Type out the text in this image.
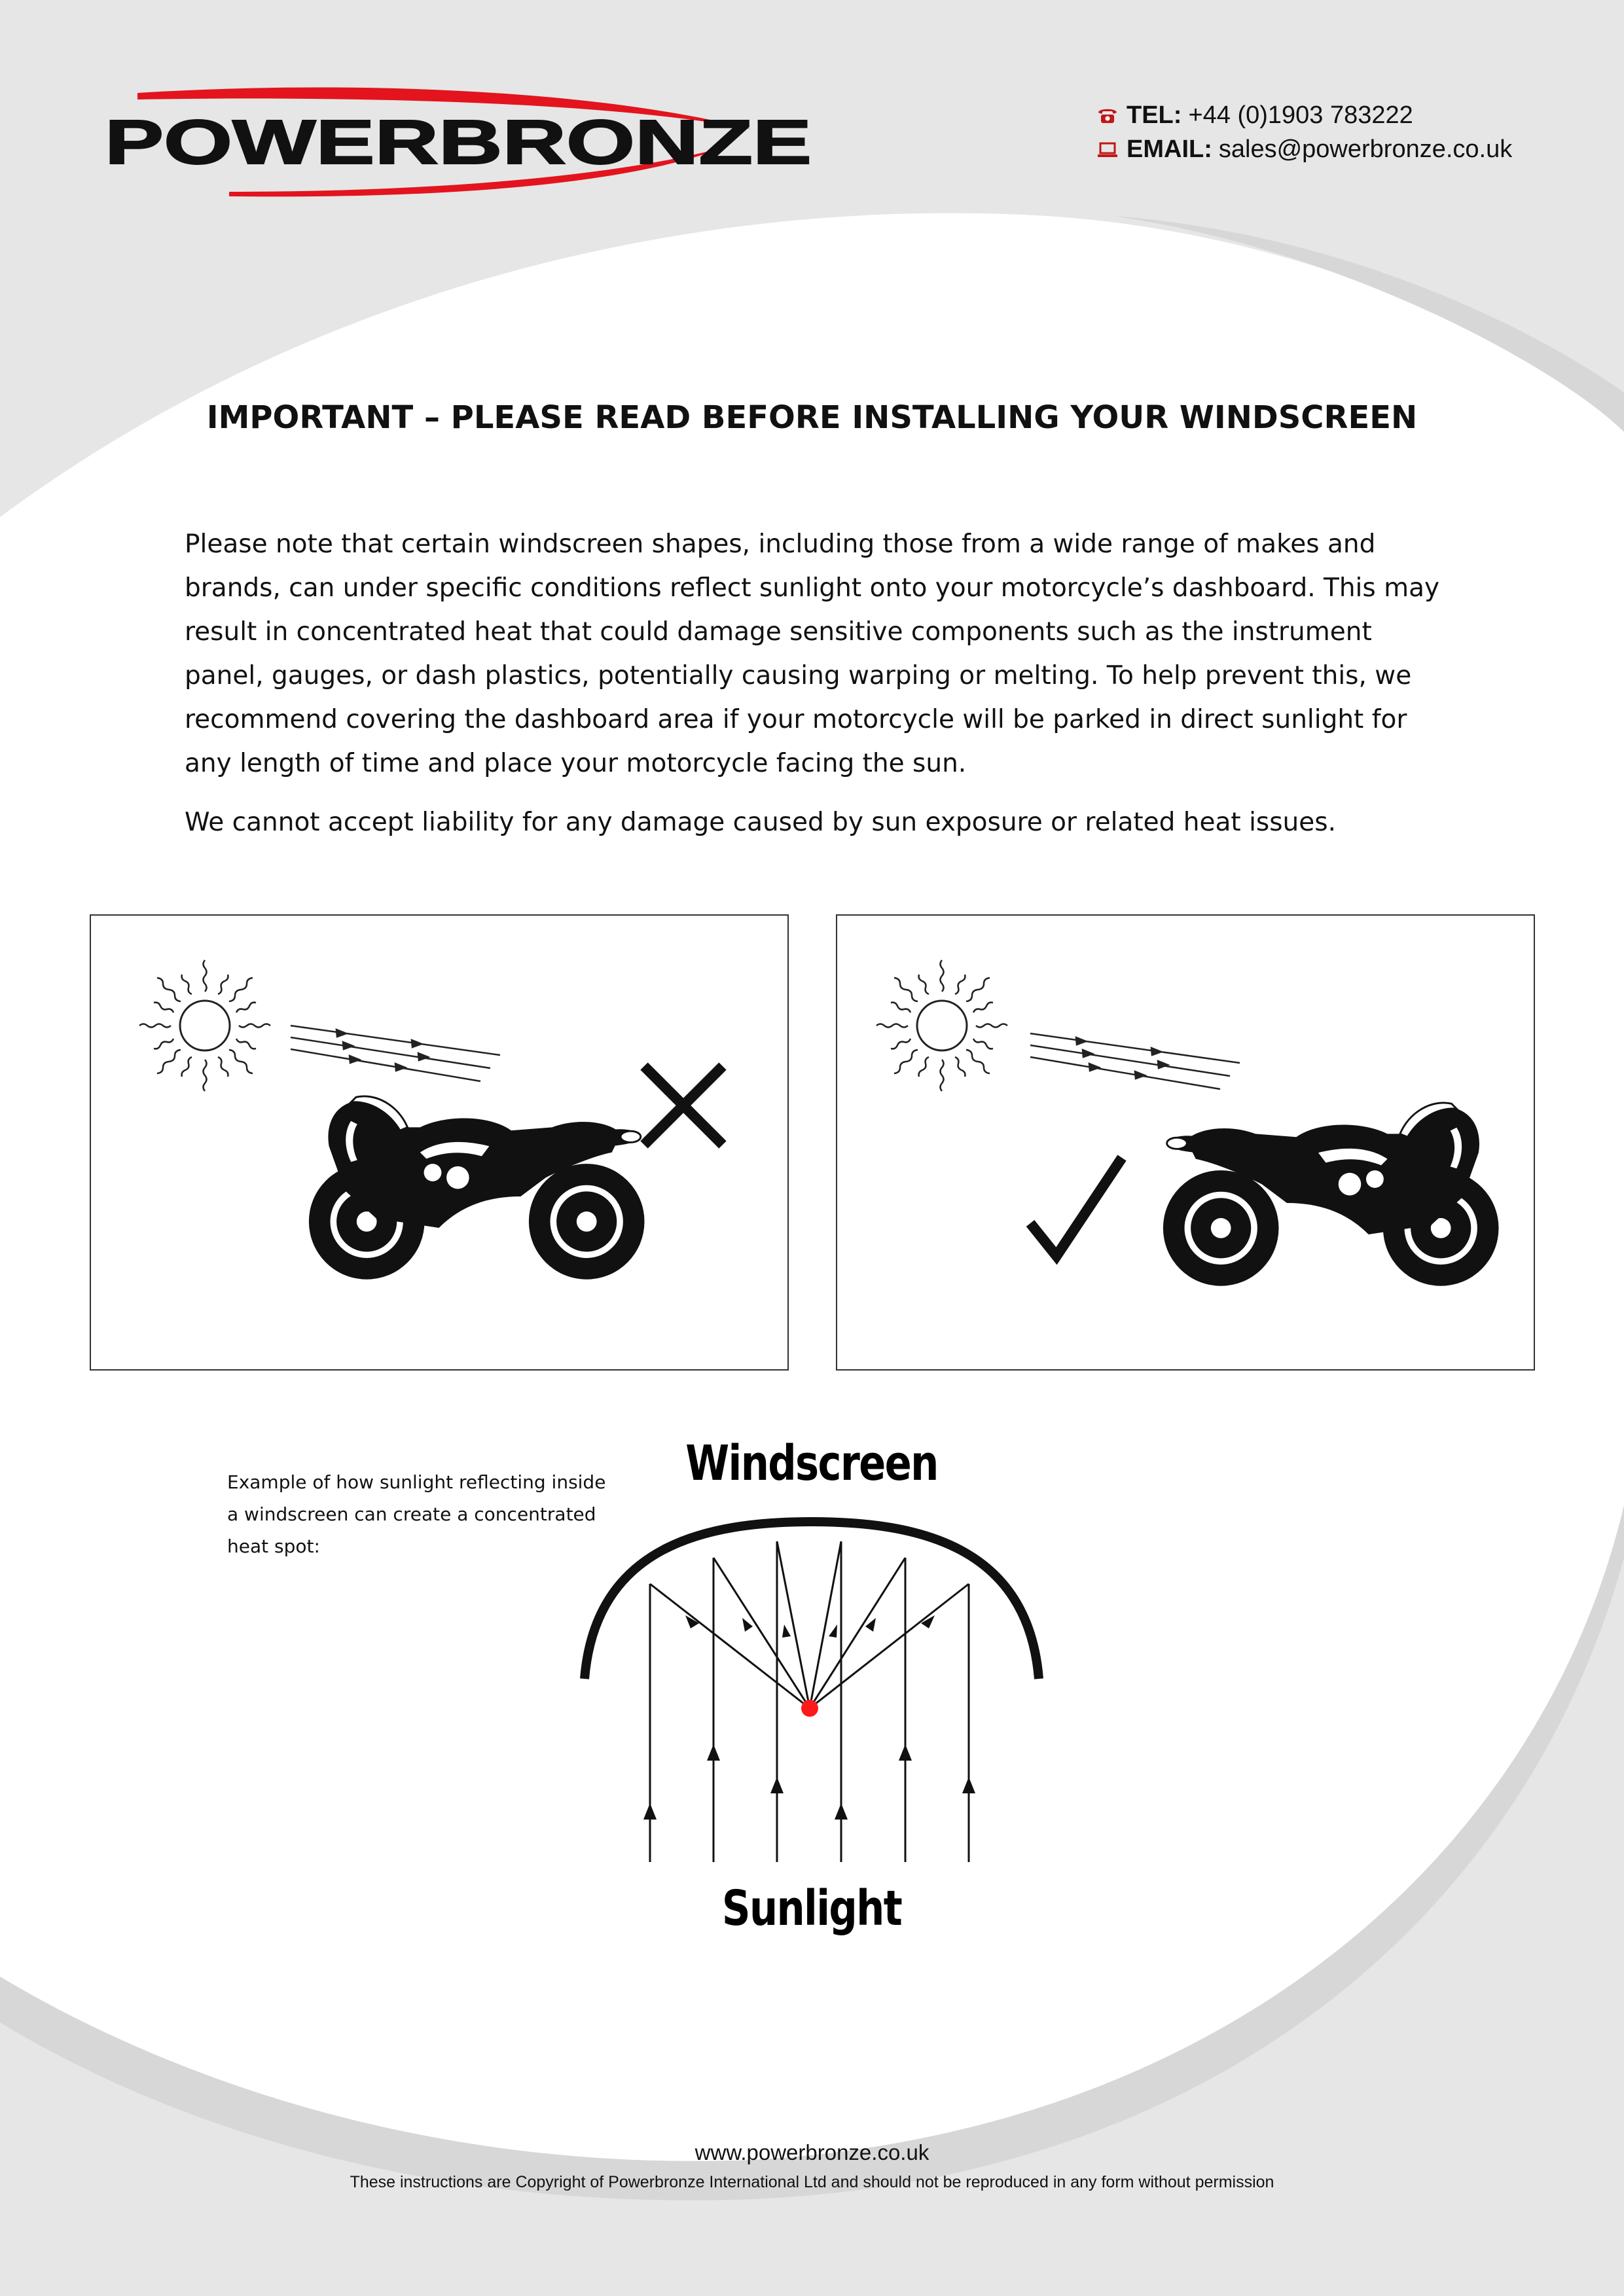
POWERBRONZE	TEL: +44 (0)1903 783222
EMAIL: sales@powerbronze.co.uk
IMPORTANT – PLEASE READ BEFORE INSTALLING YOUR WINDSCREEN

Please note that certain windscreen shapes, including those from a wide range of makes and brands, can under specific conditions reflect sunlight onto your motorcycle’s dashboard. This may result in concentrated heat that could damage sensitive components such as the instrument panel, gauges, or dash plastics, potentially causing warping or melting. To help prevent this, we recommend covering the dashboard area if your motorcycle will be parked in direct sunlight for any length of time and place your motorcycle facing the sun.

We cannot accept liability for any damage caused by sun exposure or related heat issues.

Example of how sunlight reflecting inside a windscreen can create a concentrated heat spot:
Windscreen
Sunlight
www.powerbronze.co.uk
These instructions are Copyright of Powerbronze International Ltd and should not be reproduced in any form without permission
